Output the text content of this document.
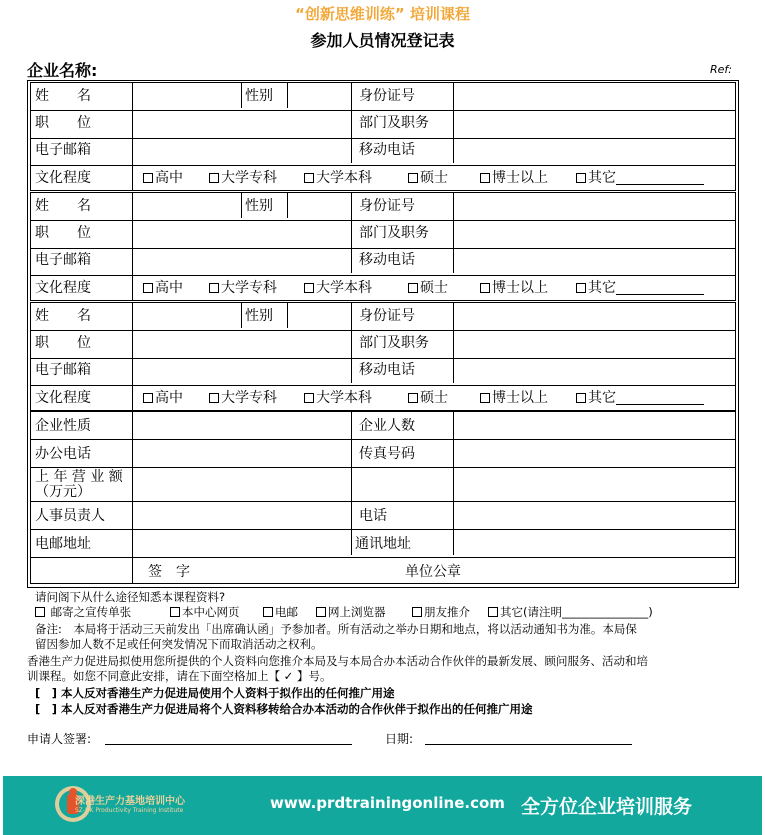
“创新思维训练” 培训课程
参加人员情况登记表
企业名称:	Ref:
姓　　名	性别	身份证号
职　　位	部门及职务
电子邮箱	移动电话
文化程度	高中	大学专科	大学本科	硕士	博士以上	其它
姓　　名	性别	身份证号
职　　位	部门及职务
电子邮箱	移动电话
文化程度	高中	大学专科	大学本科	硕士	博士以上	其它
姓　　名	性别	身份证号
职　　位	部门及职务
电子邮箱	移动电话
文化程度	高中	大学专科	大学本科	硕士	博士以上	其它
企业性质	企业人数
办公电话	传真号码
上 年 营 业 额
（万元）
人事员责人	电话
电邮地址	通讯地址
签　字	单位公章
请问阁下从什么途径知悉本课程资料?
邮寄之宣传单张	本中心网页	电邮	网上浏览器	朋友推介	其它(请注明_______________)
备注:　本局将于活动三天前发出「出席确认函」予参加者。所有活动之举办日期和地点，将以活动通知书为准。本局保
留因参加人数不足或任何突发情况下而取消活动之权利。
香港生产力促进局拟使用您所提供的个人资料向您推介本局及与本局合办本活动合作伙伴的最新发展、顾问服务、活动和培
训课程。如您不同意此安排，请在下面空格加上【 ✓ 】号。
[　] 本人反对香港生产力促进局使用个人资料于拟作出的任何推广用途
[　] 本人反对香港生产力促进局将个人资料移转给合办本活动的合作伙伴于拟作出的任何推广用途
申请人签署:	日期:
深港生产力基地培训中心
SZ-HK Productivity Training Institute	www.prdtrainingonline.com 全方位企业培训服务
